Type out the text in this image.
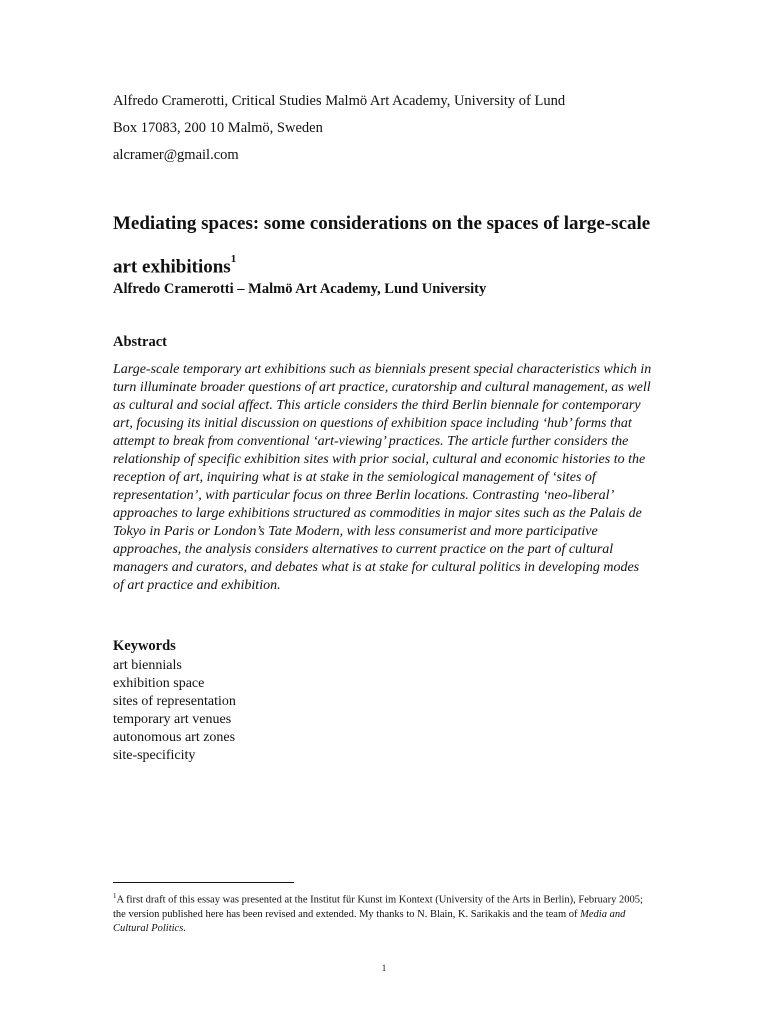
Alfredo Cramerotti, Critical Studies Malmö Art Academy, University of Lund
Box 17083, 200 10 Malmö, Sweden
alcramer@gmail.com
Mediating spaces: some considerations on the spaces of large-scale art exhibitions$^1$
Alfredo Cramerotti – Malmö Art Academy, Lund University
Abstract

Large-scale temporary art exhibitions such as biennials present special characteristics which in turn illuminate broader questions of art practice, curatorship and cultural management, as well as cultural and social affect. This article considers the third Berlin biennale for contemporary art, focusing its initial discussion on questions of exhibition space including ‘hub’ forms that attempt to break from conventional ‘art-viewing’ practices. The article further considers the relationship of specific exhibition sites with prior social, cultural and economic histories to the reception of art, inquiring what is at stake in the semiological management of ‘sites of representation’, with particular focus on three Berlin locations. Contrasting ‘neo-liberal’ approaches to large exhibitions structured as commodities in major sites such as the Palais de Tokyo in Paris or London’s Tate Modern, with less consumerist and more participative approaches, the analysis considers alternatives to current practice on the part of cultural managers and curators, and debates what is at stake for cultural politics in developing modes of art practice and exhibition.

Keywords
art biennials
exhibition space
sites of representation
temporary art venues
autonomous art zones
site-specificity

$^1$A first draft of this essay was presented at the Institut für Kunst im Kontext (University of the Arts in Berlin), February 2005; the version published here has been revised and extended. My thanks to N. Blain, K. Sarikakis and the team of Media and Cultural Politics.

1
